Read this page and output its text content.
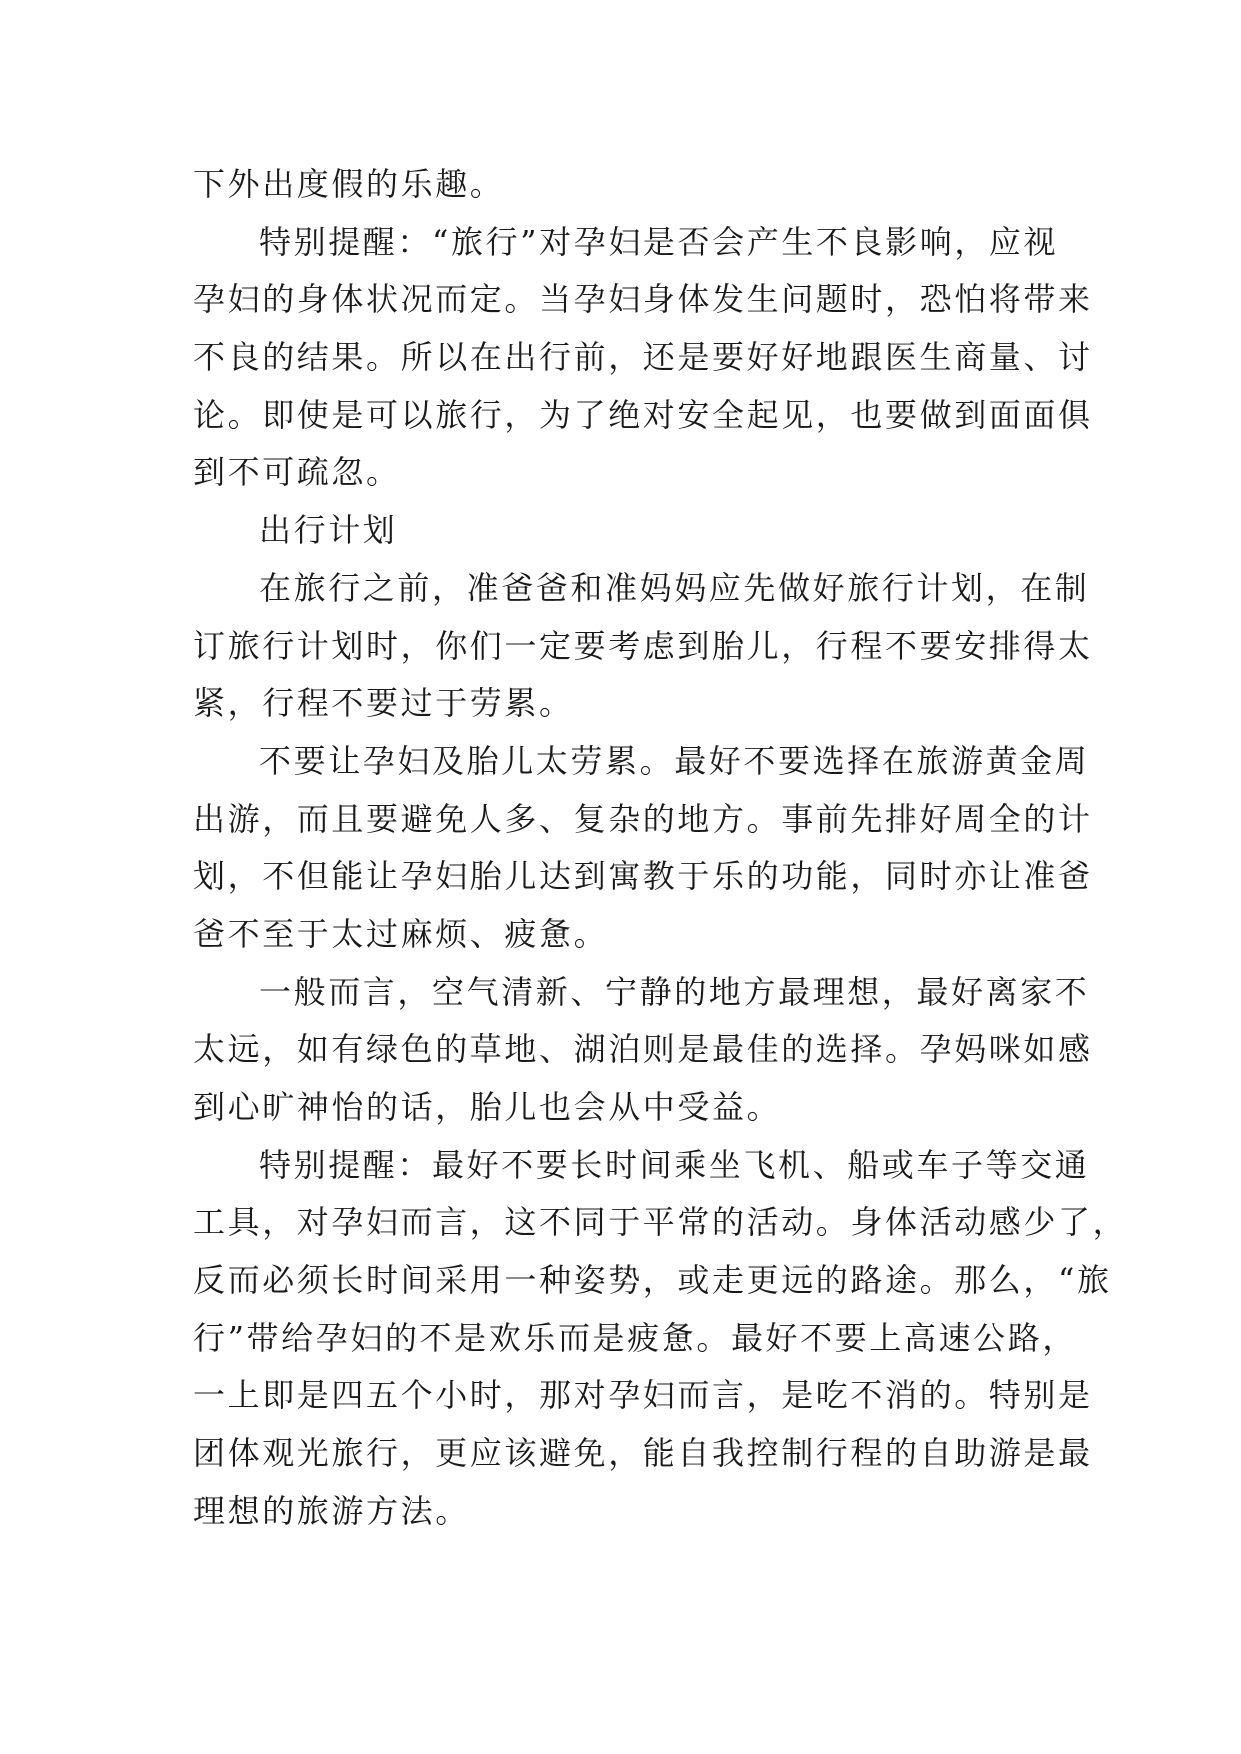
下外出度假的乐趣。
特别提醒：“旅行”对孕妇是否会产生不良影响，应视
孕妇的身体状况而定。当孕妇身体发生问题时，恐怕将带来
不良的结果。所以在出行前，还是要好好地跟医生商量、讨
论。即使是可以旅行，为了绝对安全起见，也要做到面面俱
到不可疏忽。
出行计划
在旅行之前，准爸爸和准妈妈应先做好旅行计划，在制
订旅行计划时，你们一定要考虑到胎儿，行程不要安排得太
紧，行程不要过于劳累。
不要让孕妇及胎儿太劳累。最好不要选择在旅游黄金周
出游，而且要避免人多、复杂的地方。事前先排好周全的计
划，不但能让孕妇胎儿达到寓教于乐的功能，同时亦让准爸
爸不至于太过麻烦、疲惫。
一般而言，空气清新、宁静的地方最理想，最好离家不
太远，如有绿色的草地、湖泊则是最佳的选择。孕妈咪如感
到心旷神怡的话，胎儿也会从中受益。
特别提醒：最好不要长时间乘坐飞机、船或车子等交通
工具，对孕妇而言，这不同于平常的活动。身体活动感少了，
反而必须长时间采用一种姿势，或走更远的路途。那么，“旅
行”带给孕妇的不是欢乐而是疲惫。最好不要上高速公路，
一上即是四五个小时，那对孕妇而言，是吃不消的。特别是
团体观光旅行，更应该避免，能自我控制行程的自助游是最
理想的旅游方法。
